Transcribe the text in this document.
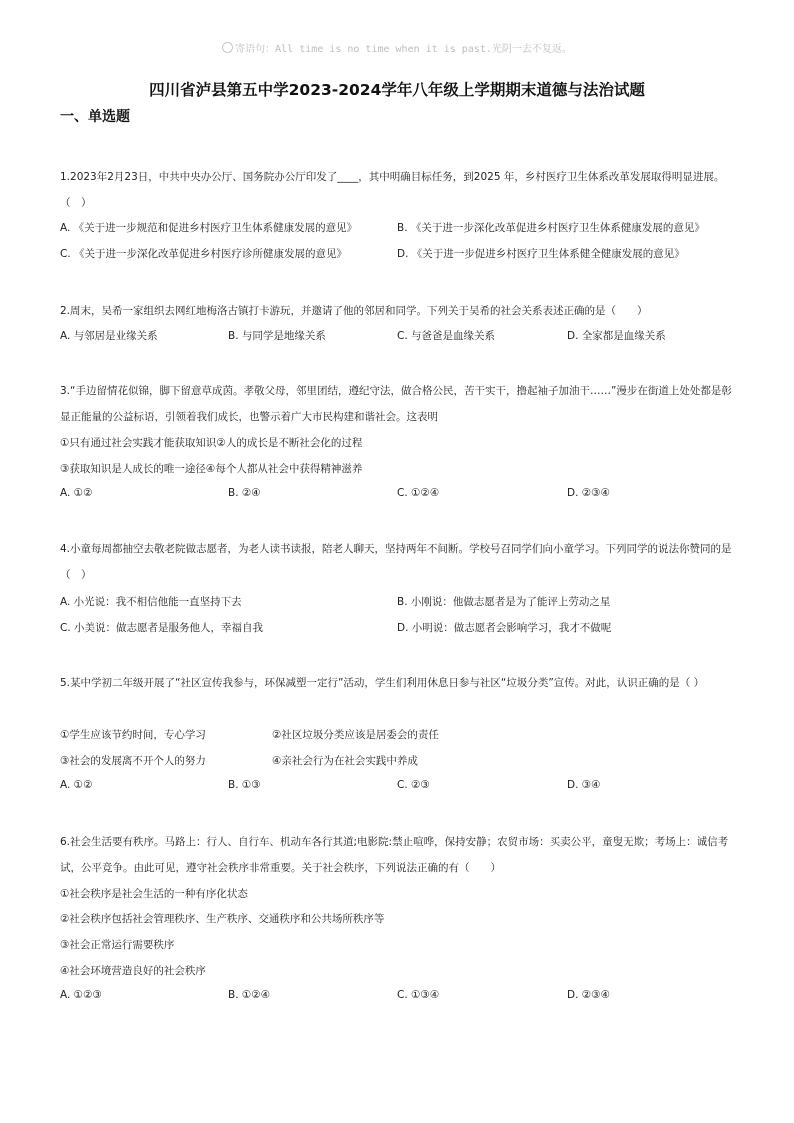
寄语句：All time is no time when it is past.光阴一去不复返。
四川省泸县第五中学2023-2024学年八年级上学期期末道德与法治试题
一、单选题
1.2023年2月23日，中共中央办公厅、国务院办公厅印发了____，其中明确目标任务，到2025 年，乡村医疗卫生体系改革发展取得明显进展。（　）
A. 《关于进一步规范和促进乡村医疗卫生体系健康发展的意见》	B. 《关于进一步深化改革促进乡村医疗卫生体系健康发展的意见》
C. 《关于进一步深化改革促进乡村医疗诊所健康发展的意见》	D. 《关于进一步促进乡村医疗卫生体系健全健康发展的意见》
2.周末，吴希一家组织去网红地梅洛古镇打卡游玩，并邀请了他的邻居和同学。下列关于吴希的社会关系表述正确的是（　　）
A. 与邻居是业缘关系	B. 与同学是地缘关系	C. 与爸爸是血缘关系	D. 全家都是血缘关系
3.“手边留情花似锦，脚下留意草成茵。孝敬父母，邻里团结，遵纪守法，做合格公民，苦干实干，撸起袖子加油干……”漫步在街道上处处都是彰显正能量的公益标语，引领着我们成长，也警示着广大市民构建和谐社会。这表明
①只有通过社会实践才能获取知识②人的成长是不断社会化的过程
③获取知识是人成长的唯一途径④每个人都从社会中获得精神滋养
A. ①②	B. ②④	C. ①②④	D. ②③④
4.小童每周都抽空去敬老院做志愿者，为老人读书读报，陪老人聊天，坚持两年不间断。学校号召同学们向小童学习。下列同学的说法你赞同的是（　）
A. 小光说：我不相信他能一直坚持下去	B. 小刚说：他做志愿者是为了能评上劳动之星
C. 小美说：做志愿者是服务他人，幸福自我	D. 小明说：做志愿者会影响学习，我才不做呢
5.某中学初二年级开展了“社区宣传我参与，环保减塑一定行”活动，学生们利用休息日参与社区“垃圾分类”宣传。对此，认识正确的是（ ）
①学生应该节约时间，专心学习	②社区垃圾分类应该是居委会的责任
③社会的发展离不开个人的努力	④亲社会行为在社会实践中养成
A. ①②	B. ①③	C. ②③	D. ③④
6.社会生活要有秩序。马路上：行人、自行车、机动车各行其道;电影院:禁止喧哗，保持安静；农贸市场：买卖公平，童叟无欺；考场上：诚信考试，公平竞争。由此可见，遵守社会秩序非常重要。关于社会秩序，下列说法正确的有（　　）
①社会秩序是社会生活的一种有序化状态
②社会秩序包括社会管理秩序、生产秩序、交通秩序和公共场所秩序等
③社会正常运行需要秩序
④社会环境营造良好的社会秩序
A. ①②③	B. ①②④	C. ①③④	D. ②③④
